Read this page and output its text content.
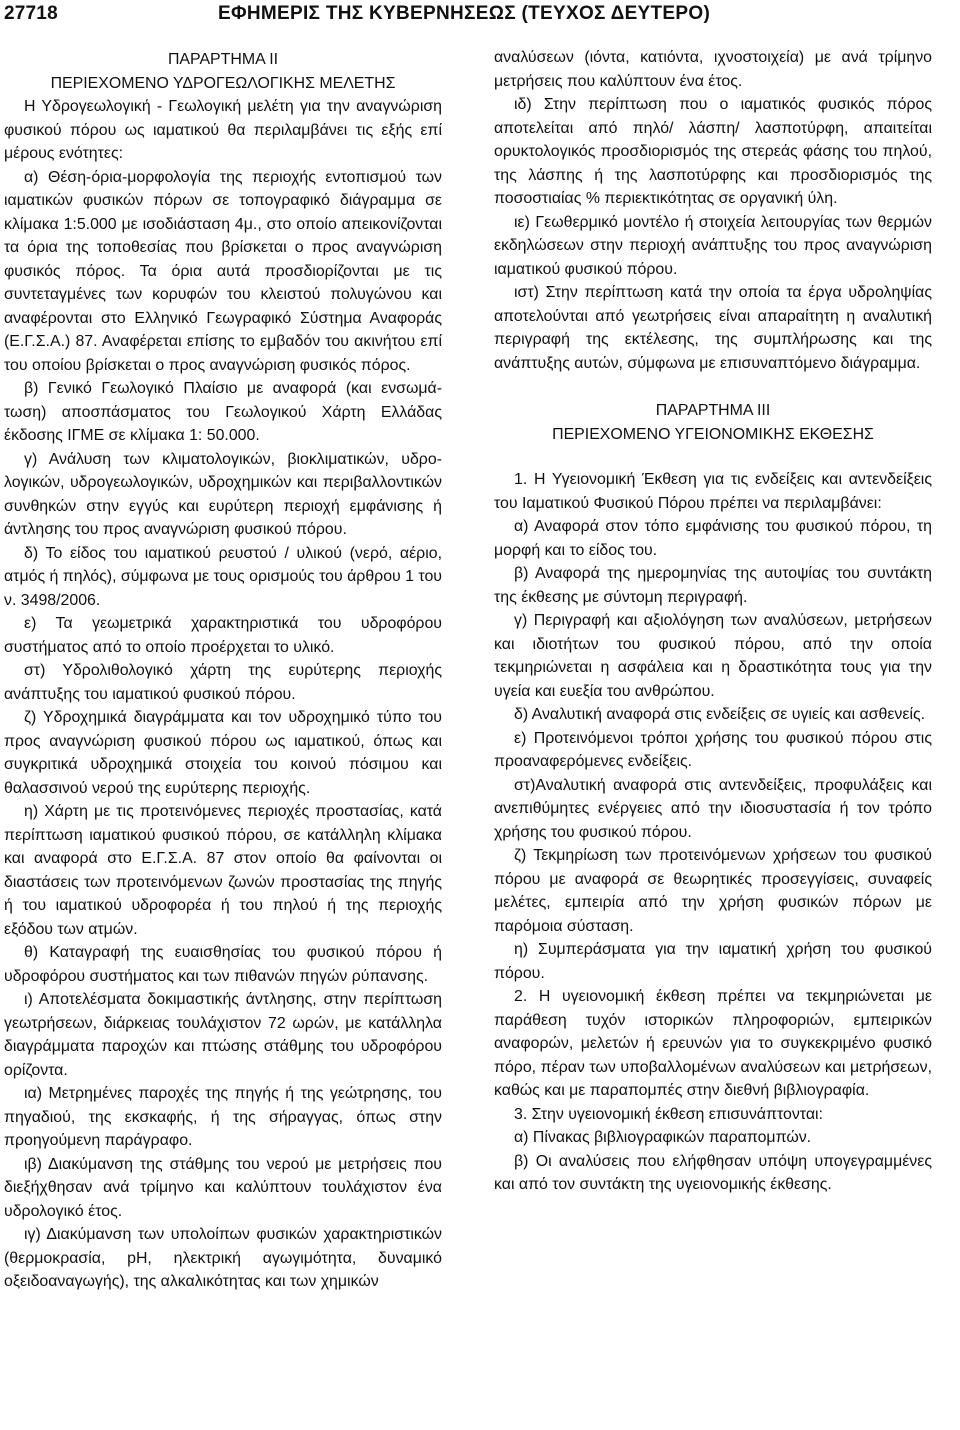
27718	ΕΦΗΜΕΡΙΣ ΤΗΣ ΚΥΒΕΡΝΗΣΕΩΣ (ΤΕΥΧΟΣ ΔΕΥΤΕΡΟ)

ΠΑΡΑΡΤΗΜΑ ΙΙ

ΠΕΡΙΕΧΟΜΕΝΟ ΥΔΡΟΓΕΩΛΟΓΙΚΗΣ ΜΕΛΕΤΗΣ

Η Υδρογεωλογική - Γεωλογική μελέτη για την αναγνώριση φυσικού πόρου ως ιαματικού θα περιλαμβάνει τις εξής επί μέρους ενότητες:

α) Θέση-όρια-μορφολογία της περιοχής εντοπισμού των ιαματικών φυσικών πόρων σε τοπογραφικό διάγραμμα σε κλίμακα 1:5.000 με ισοδιάσταση 4μ., στο οποίο απεικονίζονται τα όρια της τοποθεσίας που βρίσκεται ο προς αναγνώριση φυσικός πόρος. Τα όρια αυτά προσδιορίζονται με τις συντεταγμένες των κορυφών του κλειστού πολυγώνου και αναφέρονται στο Ελληνικό Γεωγραφικό Σύστημα Αναφοράς (Ε.Γ.Σ.Α.) 87. Αναφέρεται επίσης το εμβαδόν του ακινήτου επί του οποίου βρίσκεται ο προς αναγνώριση φυσικός πόρος.

β) Γενικό Γεωλογικό Πλαίσιο με αναφορά (και ενσωμάτωση) αποσπάσματος του Γεωλογικού Χάρτη Ελλάδας έκδοσης ΙΓΜΕ σε κλίμακα 1: 50.000.

γ) Ανάλυση των κλιματολογικών, βιοκλιματικών, υδρολογικών, υδρογεωλογικών, υδροχημικών και περιβαλλοντικών συνθηκών στην εγγύς και ευρύτερη περιοχή εμφάνισης ή άντλησης του προς αναγνώριση φυσικού πόρου.

δ) Το είδος του ιαματικού ρευστού / υλικού (νερό, αέριο, ατμός ή πηλός), σύμφωνα με τους ορισμούς του άρθρου 1 του ν. 3498/2006.

ε) Τα γεωμετρικά χαρακτηριστικά του υδροφόρου συστήματος από το οποίο προέρχεται το υλικό.

στ) Υδρολιθολογικό χάρτη της ευρύτερης περιοχής ανάπτυξης του ιαματικού φυσικού πόρου.

ζ) Υδροχημικά διαγράμματα και τον υδροχημικό τύπο του προς αναγνώριση φυσικού πόρου ως ιαματικού, όπως και συγκριτικά υδροχημικά στοιχεία του κοινού πόσιμου και θαλασσινού νερού της ευρύτερης περιοχής.

η) Χάρτη με τις προτεινόμενες περιοχές προστασίας, κατά περίπτωση ιαματικού φυσικού πόρου, σε κατάλληλη κλίμακα και αναφορά στο Ε.Γ.Σ.Α. 87 στον οποίο θα φαίνονται οι διαστάσεις των προτεινόμενων ζωνών προστασίας της πηγής ή του ιαματικού υδροφορέα ή του πηλού ή της περιοχής εξόδου των ατμών.

θ) Καταγραφή της ευαισθησίας του φυσικού πόρου ή υδροφόρου συστήματος και των πιθανών πηγών ρύπανσης.

ι) Αποτελέσματα δοκιμαστικής άντλησης, στην περίπτωση γεωτρήσεων, διάρκειας τουλάχιστον 72 ωρών, με κατάλληλα διαγράμματα παροχών και πτώσης στάθμης του υδροφόρου ορίζοντα.

ια) Μετρημένες παροχές της πηγής ή της γεώτρησης, του πηγαδιού, της εκσκαφής, ή της σήραγγας, όπως στην προηγούμενη παράγραφο.

ιβ) Διακύμανση της στάθμης του νερού με μετρήσεις που διεξήχθησαν ανά τρίμηνο και καλύπτουν τουλάχιστον ένα υδρολογικό έτος.

ιγ) Διακύμανση των υπολοίπων φυσικών χαρακτηριστικών (θερμοκρασία, pH, ηλεκτρική αγωγιμότητα, δυναμικό οξειδοαναγωγής), της αλκαλικότητας και των χημικών

αναλύσεων (ιόντα, κατιόντα, ιχνοστοιχεία) με ανά τρίμηνο μετρήσεις που καλύπτουν ένα έτος.

ιδ) Στην περίπτωση που ο ιαματικός φυσικός πόρος αποτελείται από πηλό/ λάσπη/ λασποτύρφη, απαιτείται ορυκτολογικός προσδιορισμός της στερεάς φάσης του πηλού, της λάσπης ή της λασποτύρφης και προσδιορισμός της ποσοστιαίας % περιεκτικότητας σε οργανική ύλη.

ιε) Γεωθερμικό μοντέλο ή στοιχεία λειτουργίας των θερμών εκδηλώσεων στην περιοχή ανάπτυξης του προς αναγνώριση ιαματικού φυσικού πόρου.

ιστ) Στην περίπτωση κατά την οποία τα έργα υδροληψίας αποτελούνται από γεωτρήσεις είναι απαραίτητη η αναλυτική περιγραφή της εκτέλεσης, της συμπλήρωσης και της ανάπτυξης αυτών, σύμφωνα με επισυναπτόμενο διάγραμμα.

ΠΑΡΑΡΤΗΜΑ ΙΙΙ

ΠΕΡΙΕΧΟΜΕΝΟ ΥΓΕΙΟΝΟΜΙΚΗΣ ΕΚΘΕΣΗΣ

1. Η Υγειονομική Έκθεση για τις ενδείξεις και αντενδείξεις του Ιαματικού Φυσικού Πόρου πρέπει να περιλαμβάνει:

α) Αναφορά στον τόπο εμφάνισης του φυσικού πόρου, τη μορφή και το είδος του.

β) Αναφορά της ημερομηνίας της αυτοψίας του συντάκτη της έκθεσης με σύντομη περιγραφή.

γ) Περιγραφή και αξιολόγηση των αναλύσεων, μετρήσεων και ιδιοτήτων του φυσικού πόρου, από την οποία τεκμηριώνεται η ασφάλεια και η δραστικότητα τους για την υγεία και ευεξία του ανθρώπου.

δ) Αναλυτική αναφορά στις ενδείξεις σε υγιείς και ασθενείς.

ε) Προτεινόμενοι τρόποι χρήσης του φυσικού πόρου στις προαναφερόμενες ενδείξεις.

στ)Αναλυτική αναφορά στις αντενδείξεις, προφυλάξεις και ανεπιθύμητες ενέργειες από την ιδιοσυστασία ή τον τρόπο χρήσης του φυσικού πόρου.

ζ) Τεκμηρίωση των προτεινόμενων χρήσεων του φυσικού πόρου με αναφορά σε θεωρητικές προσεγγίσεις, συναφείς μελέτες, εμπειρία από την χρήση φυσικών πόρων με παρόμοια σύσταση.

η) Συμπεράσματα για την ιαματική χρήση του φυσικού πόρου.

2. Η υγειονομική έκθεση πρέπει να τεκμηριώνεται με παράθεση τυχόν ιστορικών πληροφοριών, εμπειρικών αναφορών, μελετών ή ερευνών για το συγκεκριμένο φυσικό πόρο, πέραν των υποβαλλομένων αναλύσεων και μετρήσεων, καθώς και με παραπομπές στην διεθνή βιβλιογραφία.

3. Στην υγειονομική έκθεση επισυνάπτονται:

α) Πίνακας βιβλιογραφικών παραπομπών.

β) Οι αναλύσεις που ελήφθησαν υπόψη υπογεγραμμένες και από τον συντάκτη της υγειονομικής έκθεσης.
